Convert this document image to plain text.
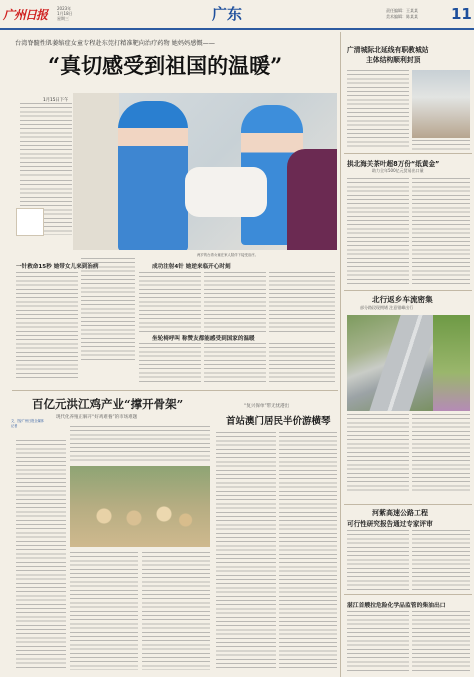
广州日报	2023年
1月18日
星期三	广东	责任编辑：王某某
美术编辑：陈某某 11
台湾脊髓性肌萎缩症女童专程赴东莞打精准靶向治疗药物 她妈妈感慨——
“真切感受到祖国的温暖”
两岁的台湾女童在家人陪伴下接受治疗。
1月15日下午
一针救命15秒 她带女儿来到治病	成功注射4针 她逆来临开心时刻
坐轮椅呼叫 称赞友都能感受到国家的温暖
百亿元洪江鸡产业“撑开骨架”
现代化养殖正解开“好鸡难養”的市场难题
文、图/广州日报全媒体记者
“复兴保单”带无忧港出
首站澳门居民半价游横琴
广清城际北延线有职教城站
主体结构顺利封顶
拱北海关茶叶超8万份“纸黄金”
助力全年500亿元贸易出口量
北行返乡车流密集
部分路段现拥堵 注意错峰出行
河紫高速公路工程
可行性研究报告通过专家评审
湛江首艘拉危险化学品监管的柴油出口
